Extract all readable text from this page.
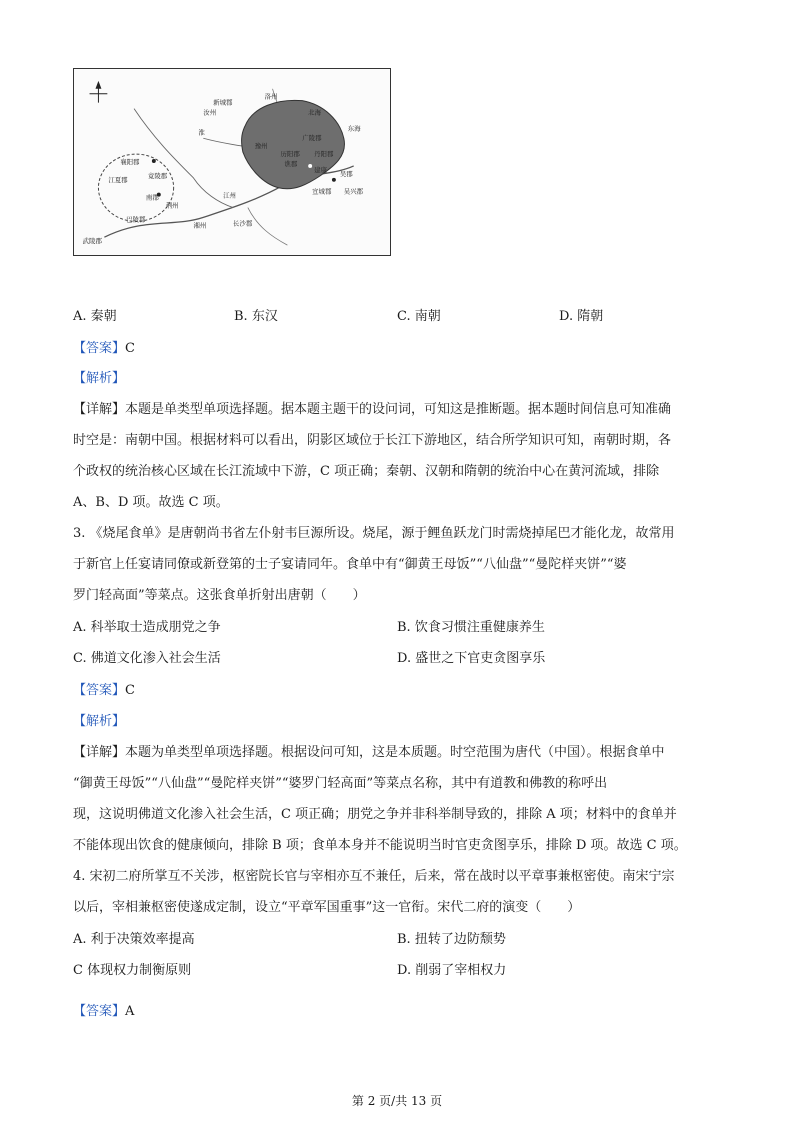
洛州
北海
汝州
豫州
广陵郡
丹阳郡
历阳郡
谯郡
建康
襄阳郡
江夏郡	竟陵郡
南郡
荆州
吴郡
吴兴郡
宣城郡
江州
武陵郡
湘州	长沙郡
巴陵郡
新城郡
东海
淮
A. 秦朝	B. 东汉	C. 南朝	D. 隋朝
【答案】C
【解析】
【详解】本题是单类型单项选择题。据本题主题干的设问词，可知这是推断题。据本题时间信息可知准确
时空是：南朝中国。根据材料可以看出，阴影区域位于长江下游地区，结合所学知识可知，南朝时期，各
个政权的统治核心区域在长江流域中下游，C 项正确；秦朝、汉朝和隋朝的统治中心在黄河流域，排除
A、B、D 项。故选 C 项。
3. 《烧尾食单》是唐朝尚书省左仆射韦巨源所设。烧尾，源于鲤鱼跃龙门时需烧掉尾巴才能化龙，故常用
于新官上任宴请同僚或新登第的士子宴请同年。食单中有“御黄王母饭”“八仙盘”“曼陀样夹饼”“婆
罗门轻高面”等菜点。这张食单折射出唐朝（　　）
A. 科举取士造成朋党之争	B. 饮食习惯注重健康养生
C. 佛道文化渗入社会生活	D. 盛世之下官吏贪图享乐
【答案】C
【解析】
【详解】本题为单类型单项选择题。根据设问可知，这是本质题。时空范围为唐代（中国）。根据食单中
“御黄王母饭”“八仙盘”“曼陀样夹饼”“婆罗门轻高面”等菜点名称，其中有道教和佛教的称呼出
现，这说明佛道文化渗入社会生活，C 项正确；朋党之争并非科举制导致的，排除 A 项；材料中的食单并
不能体现出饮食的健康倾向，排除 B 项；食单本身并不能说明当时官吏贪图享乐，排除 D 项。故选 C 项。
4. 宋初二府所掌互不关涉，枢密院长官与宰相亦互不兼任，后来，常在战时以平章事兼枢密使。南宋宁宗
以后，宰相兼枢密使遂成定制，设立“平章军国重事”这一官衔。宋代二府的演变（　　）
A. 利于决策效率提高	B. 扭转了边防颓势
C 体现权力制衡原则	D. 削弱了宰相权力
【答案】A
第 2 页/共 13 页
